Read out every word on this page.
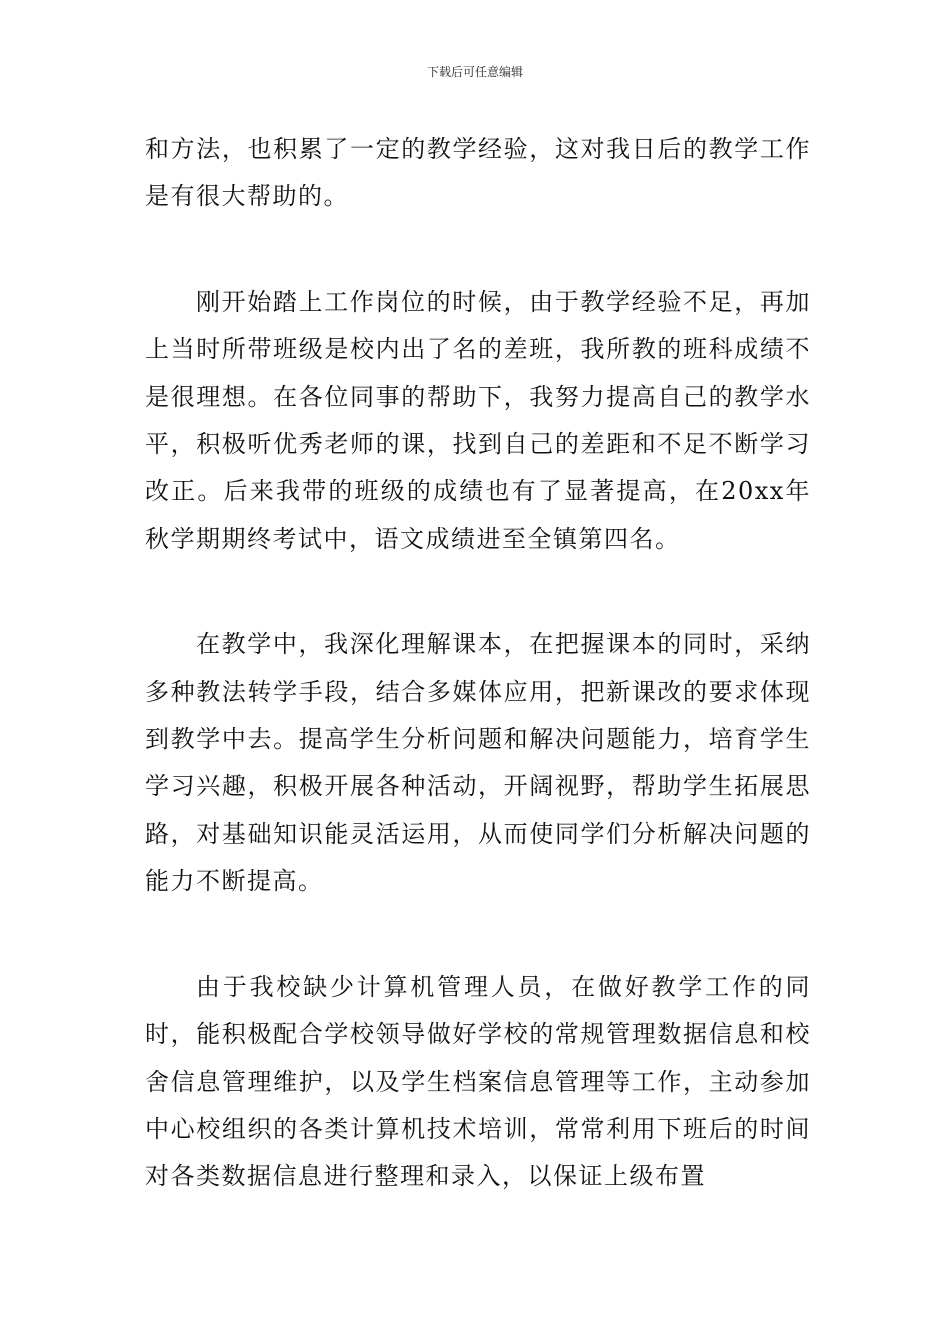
下载后可任意编辑

和方法，也积累了一定的教学经验，这对我日后的教学工作是有很大帮助的。

刚开始踏上工作岗位的时候，由于教学经验不足，再加上当时所带班级是校内出了名的差班，我所教的班科成绩不是很理想。在各位同事的帮助下，我努力提高自己的教学水平，积极听优秀老师的课，找到自己的差距和不足不断学习改正。后来我带的班级的成绩也有了显著提高，在20xx年秋学期期终考试中，语文成绩进至全镇第四名。

在教学中，我深化理解课本，在把握课本的同时，采纳多种教法转学手段，结合多媒体应用，把新课改的要求体现到教学中去。提高学生分析问题和解决问题能力，培育学生学习兴趣，积极开展各种活动，开阔视野，帮助学生拓展思路，对基础知识能灵活运用，从而使同学们分析解决问题的能力不断提高。

由于我校缺少计算机管理人员，在做好教学工作的同时，能积极配合学校领导做好学校的常规管理数据信息和校舍信息管理维护，以及学生档案信息管理等工作，主动参加中心校组织的各类计算机技术培训，常常利用下班后的时间对各类数据信息进行整理和录入，以保证上级布置
